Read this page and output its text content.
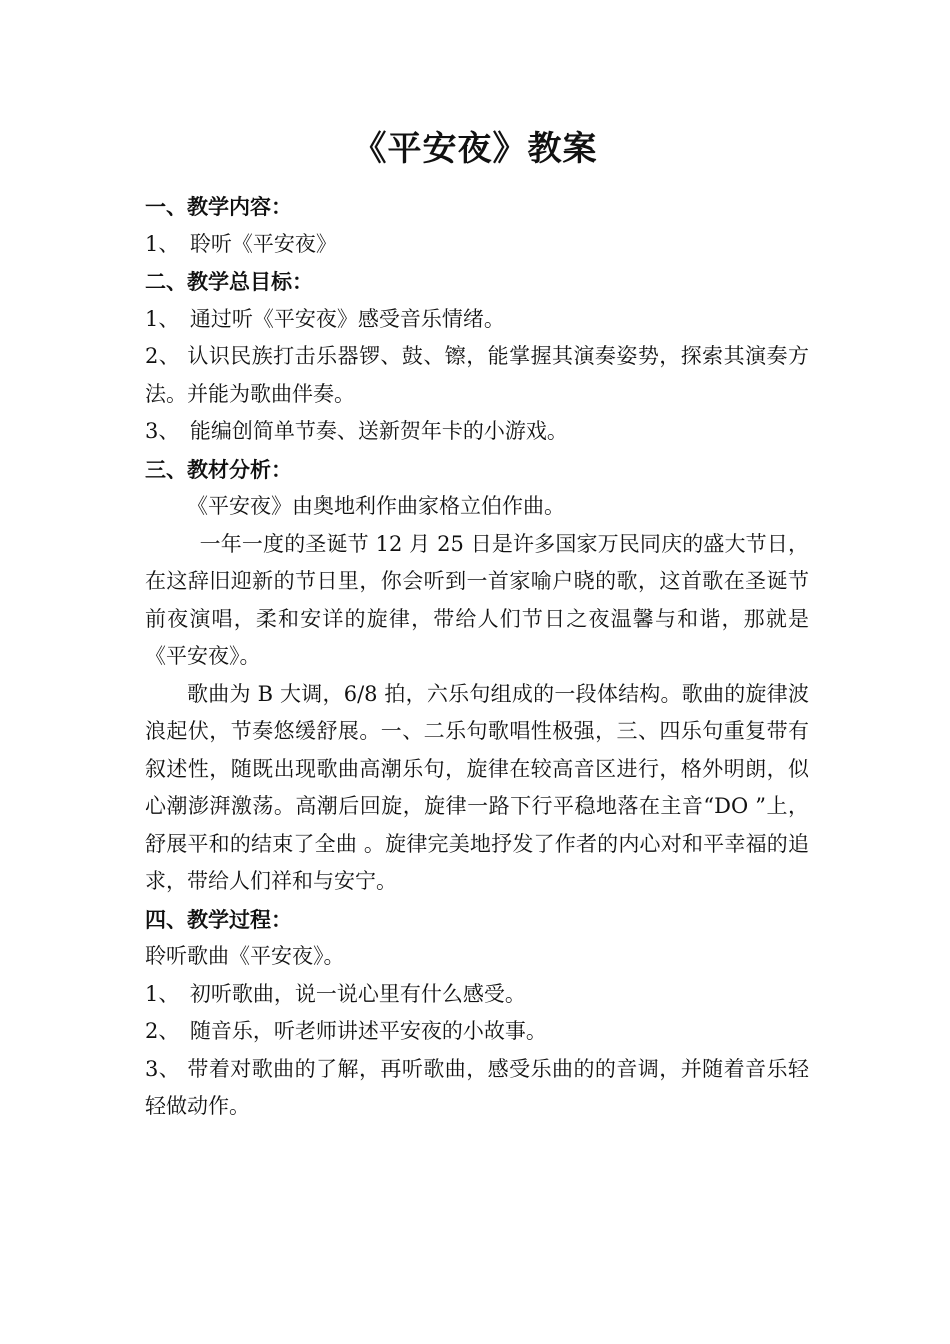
《平安夜》教案

一、教学内容：

1、　聆听《平安夜》

二、教学总目标：

1、　通过听《平安夜》感受音乐情绪。

2、 认识民族打击乐器锣、鼓、镲，能掌握其演奏姿势，探索其演奏方法。并能为歌曲伴奏。

3、　能编创简单节奏、送新贺年卡的小游戏。

三、教材分析：

《平安夜》由奥地利作曲家格立伯作曲。

一年一度的圣诞节 12 月 25 日是许多国家万民同庆的盛大节日，在这辞旧迎新的节日里，你会听到一首家喻户晓的歌，这首歌在圣诞节前夜演唱，柔和安详的旋律，带给人们节日之夜温馨与和谐，那就是《平安夜》。

歌曲为 B 大调，6/8 拍，六乐句组成的一段体结构。歌曲的旋律波浪起伏，节奏悠缓舒展。一、二乐句歌唱性极强，三、四乐句重复带有叙述性，随既出现歌曲高潮乐句，旋律在较高音区进行，格外明朗，似心潮澎湃激荡。高潮后回旋，旋律一路下行平稳地落在主音“DO ”上，舒展平和的结束了全曲 。旋律完美地抒发了作者的内心对和平幸福的追求，带给人们祥和与安宁。

四、教学过程：

聆听歌曲《平安夜》。

1、　初听歌曲，说一说心里有什么感受。

2、　随音乐，听老师讲述平安夜的小故事。

3、 带着对歌曲的了解，再听歌曲，感受乐曲的的音调，并随着音乐轻轻做动作。
